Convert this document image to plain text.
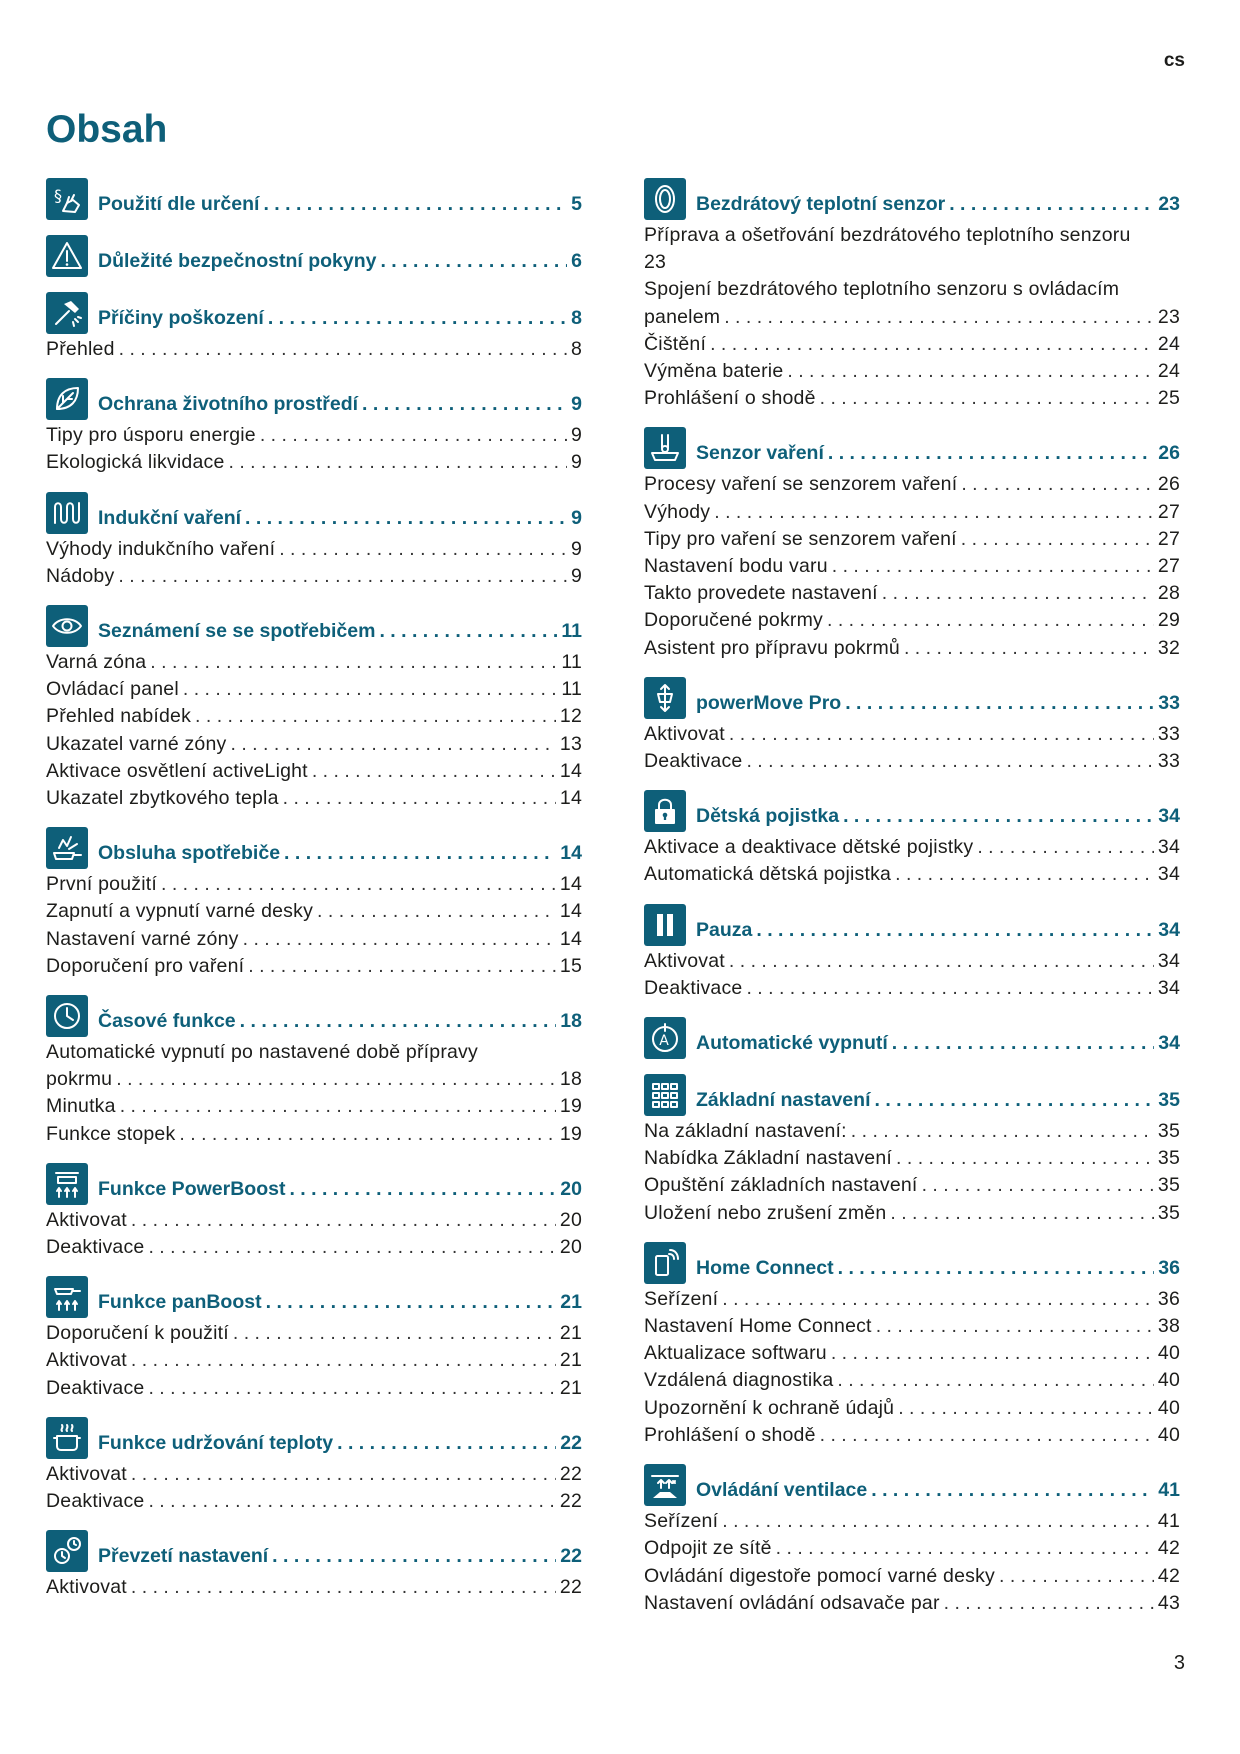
cs
Obsah
§ Použití dle určení . . .	5
Důležité bezpečnostní pokyny . . .	6
Příčiny poškození . . .	8
Přehled . . .	8
Ochrana životního prostředí . . .	9
Tipy pro úsporu energie . . .	9
Ekologická likvidace . . .	9
Indukční vaření . . .	9
Výhody indukčního vaření . . .	9
Nádoby . . .	9
Seznámení se se spotřebičem . . .	11
Varná zóna . . .	11
Ovládací panel . . .	11
Přehled nabídek . . .	12
Ukazatel varné zóny . . .	13
Aktivace osvětlení activeLight . . .	14
Ukazatel zbytkového tepla . . .	14
Obsluha spotřebiče . . .	14
První použití . . .	14
Zapnutí a vypnutí varné desky . . .	14
Nastavení varné zóny . . .	14
Doporučení pro vaření . . .	15
Časové funkce . . .	18
Automatické vypnutí po nastavené době přípravy
pokrmu . . .	18
Minutka . . .	19
Funkce stopek . . .	19
Funkce PowerBoost . . .	20
Aktivovat . . .	20
Deaktivace . . .	20
Funkce panBoost . . .	21
Doporučení k použití . . .	21
Aktivovat . . .	21
Deaktivace . . .	21
Funkce udržování teploty . . .	22
Aktivovat . . .	22
Deaktivace . . .	22
Převzetí nastavení . . .	22
Aktivovat . . .	22
Bezdrátový teplotní senzor . . .	23
Příprava a ošetřování bezdrátového teplotního senzoru
23
Spojení bezdrátového teplotního senzoru s ovládacím
panelem . . .	23
Čištění . . .	24
Výměna baterie . . .	24
Prohlášení o shodě . . .	25
Senzor vaření . . .	26
Procesy vaření se senzorem vaření . . .	26
Výhody . . .	27
Tipy pro vaření se senzorem vaření . . .	27
Nastavení bodu varu . . .	27
Takto provedete nastavení . . .	28
Doporučené pokrmy . . .	29
Asistent pro přípravu pokrmů . . .	32
powerMove Pro . . .	33
Aktivovat . . .	33
Deaktivace . . .	33
Dětská pojistka . . .	34
Aktivace a deaktivace dětské pojistky . . .	34
Automatická dětská pojistka . . .	34
Pauza . . .	34
Aktivovat . . .	34
Deaktivace . . .	34
A Automatické vypnutí . . .	34
Základní nastavení . . .	35
Na základní nastavení: . . .	35
Nabídka Základní nastavení . . .	35
Opuštění základních nastavení . . .	35
Uložení nebo zrušení změn . . .	35
Home Connect . . .	36
Seřízení . . .	36
Nastavení Home Connect . . .	38
Aktualizace softwaru . . .	40
Vzdálená diagnostika . . .	40
Upozornění k ochraně údajů . . .	40
Prohlášení o shodě . . .	40
Ovládání ventilace . . .	41
Seřízení . . .	41
Odpojit ze sítě . . .	42
Ovládání digestoře pomocí varné desky . . .	42
Nastavení ovládání odsavače par . . .	43
3
